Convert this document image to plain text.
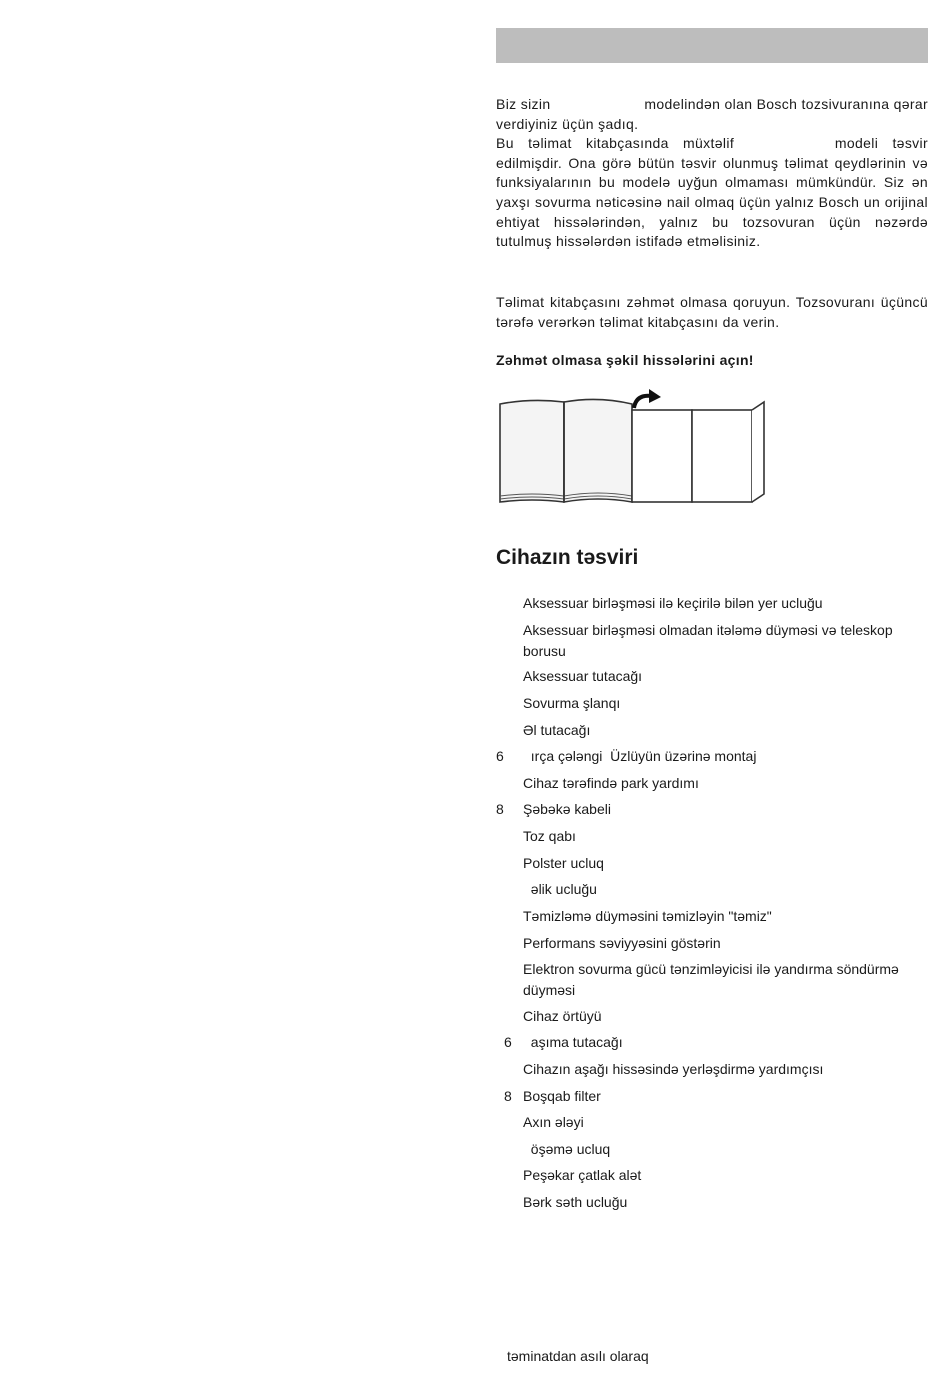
Biz sizin	modelindən olan Bosch tozsivuranına qərar

verdiyiniz üçün şadıq.

Bu təlimat kitabçasında müxtəlif	modeli təsvir

edilmişdir. Ona görə bütün təsvir olunmuş təlimat qeydlərinin və funksiyalarının bu modelə uyğun olmaması mümkündür. Siz ən yaxşı sovurma nəticəsinə nail olmaq üçün yalnız Bosch un orijinal ehtiyat hissələrindən, yalnız bu tozsovuran üçün nəzərdə tutulmuş hissələrdən istifadə etməlisiniz.

Təlimat kitabçasını zəhmət olmasa qoruyun. Tozsovuranı üçüncü tərəfə verərkən təlimat kitabçasını da verin.

Zəhmət olmasa şəkil hissələrini açın!

Cihazın təsviri
Aksessuar birləşməsi ilə keçirilə bilən yer ucluğu
Aksessuar birləşməsi olmadan itələmə düyməsi və teleskop borusu
Aksessuar tutacağı
Sovurma şlanqı
Əl tutacağı
6 ırça çələngi  Üzlüyün üzərinə montaj
Cihaz tərəfində park yardımı
8 Şəbəkə kabeli
Toz qabı
Polster ucluq
əlik ucluğu
Təmizləmə düyməsini təmizləyin "təmiz"
Performans səviyyəsini göstərin
Elektron sovurma gücü tənzimləyicisi ilə yandırma söndürmə düyməsi
Cihaz örtüyü
6 aşıma tutacağı
Cihazın aşağı hissəsində yerləşdirmə yardımçısı
8 Boşqab filter
Axın ələyi
öşəmə ucluq
Peşəkar çatlak alət
Bərk səth ucluğu
təminatdan asılı olaraq
